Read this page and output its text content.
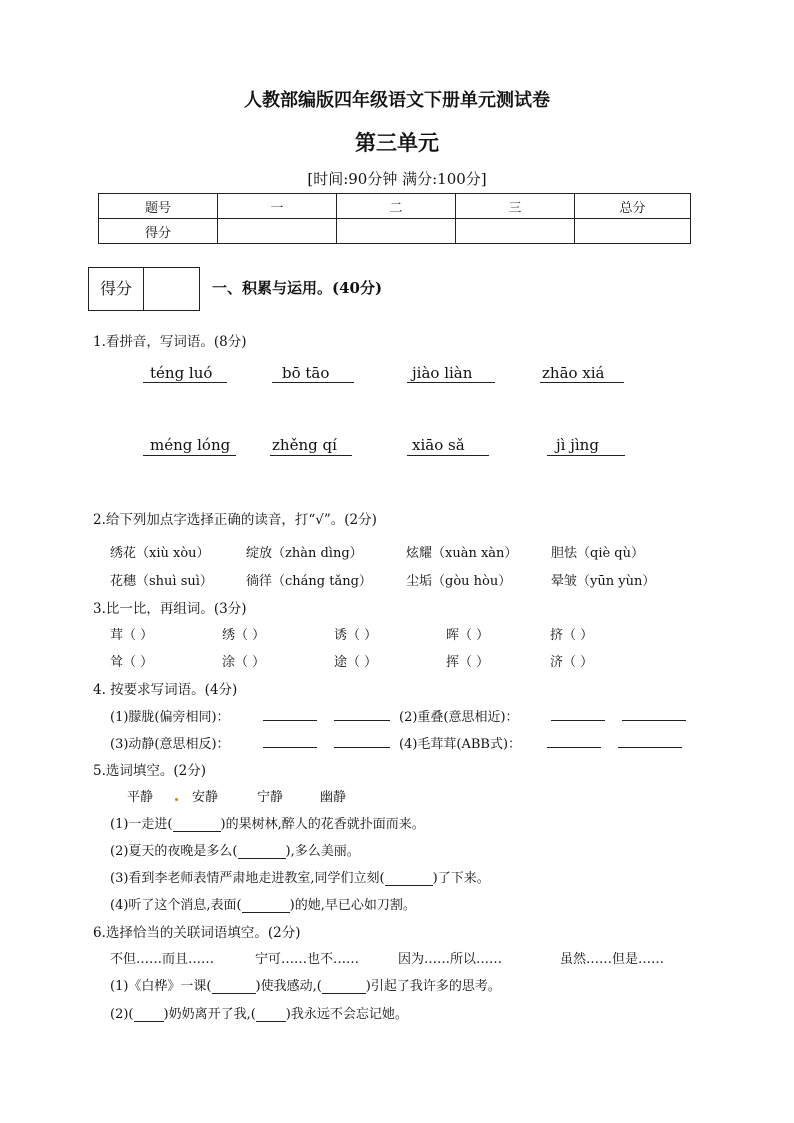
人教部编版四年级语文下册单元测试卷
第三单元
[时间:90分钟 满分:100分]
题号	一	二	三	总分
得分				
得分	一、积累与运用。(40分)
1.看拼音，写词语。(8分)
téng luó	bō tāo	jiào liàn	zhāo xiá
méng lóng	zhěng qí	xiāo sǎ	jì jìng
2.给下列加点字选择正确的读音，打“√”。(2分)
绣花（xiù xòu）	绽放（zhàn dìng）	炫耀（xuàn xàn）	胆怯（qiè qù）
花穗（shuì suì）	徜徉（cháng tǎng）	尘垢（gòu hòu）	晕皱（yūn yùn）
3.比一比，再组词。(3分)
茸（ ）	绣（ ）	诱（ ）	晖（ ）	挤（ ）
耸（ ）	涂（ ）	途（ ）	挥（ ）	济（ ）
4. 按要求写词语。(4分)
(1)朦胧(偏旁相同)：	(2)重叠(意思相近)：
(3)动静(意思相反)：	(4)毛茸茸(ABB式)：
5.选词填空。(2分)
平静	安静	宁静	幽静
(1)一走进(	)的果树林,醉人的花香就扑面而来。
(2)夏天的夜晚是多么(	),多么美丽。
(3)看到李老师表情严肃地走进教室,同学们立刻(	)了下来。
(4)听了这个消息,表面(	)的她,早已心如刀割。
6.选择恰当的关联词语填空。(2分)
不但……而且……	宁可……也不……	因为……所以……	虽然……但是……
(1)《白桦》一课(	)使我感动,(	)引起了我许多的思考。
(2)( )奶奶离开了我,( )我永远不会忘记她。
